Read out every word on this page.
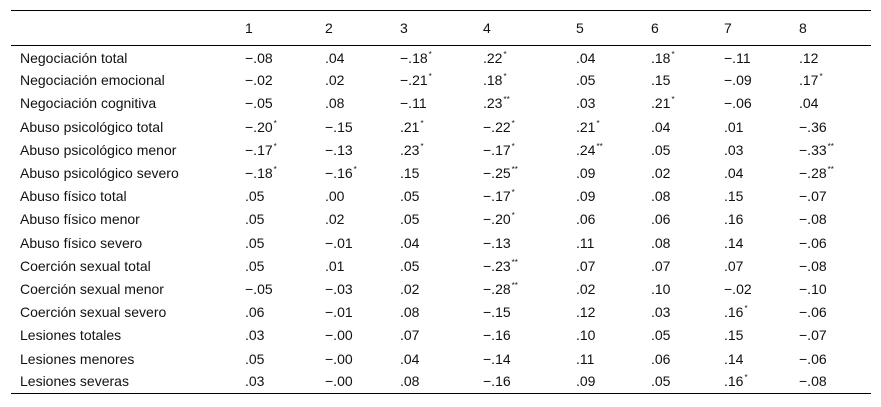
	1	2	3	4	5	6	7	8
Negociación total	−.08	.04	−.18*	.22*	.04	.18*	−.11	.12
Negociación emocional	−.02	.02	−.21*	.18*	.05	.15	−.09	.17*
Negociación cognitiva	−.05	.08	−.11	.23**	.03	.21*	−.06	.04
Abuso psicológico total	−.20*	−.15	.21*	−.22*	.21*	.04	.01	−.36
Abuso psicológico menor	−.17*	−.13	.23*	−.17*	.24**	.05	.03	−.33**
Abuso psicológico severo	−.18*	−.16*	.15	−.25**	.09	.02	.04	−.28**
Abuso físico total	.05	.00	.05	−.17*	.09	.08	.15	−.07
Abuso físico menor	.05	.02	.05	−.20*	.06	.06	.16	−.08
Abuso físico severo	.05	−.01	.04	−.13	.11	.08	.14	−.06
Coerción sexual total	.05	.01	.05	−.23**	.07	.07	.07	−.08
Coerción sexual menor	−.05	−.03	.02	−.28**	.02	.10	−.02	−.10
Coerción sexual severo	.06	−.01	.08	−.15	.12	.03	.16*	−.06
Lesiones totales	.03	−.00	.07	−.16	.10	.05	.15	−.07
Lesiones menores	.05	−.00	.04	−.14	.11	.06	.14	−.06
Lesiones severas	.03	−.00	.08	−.16	.09	.05	.16*	−.08
